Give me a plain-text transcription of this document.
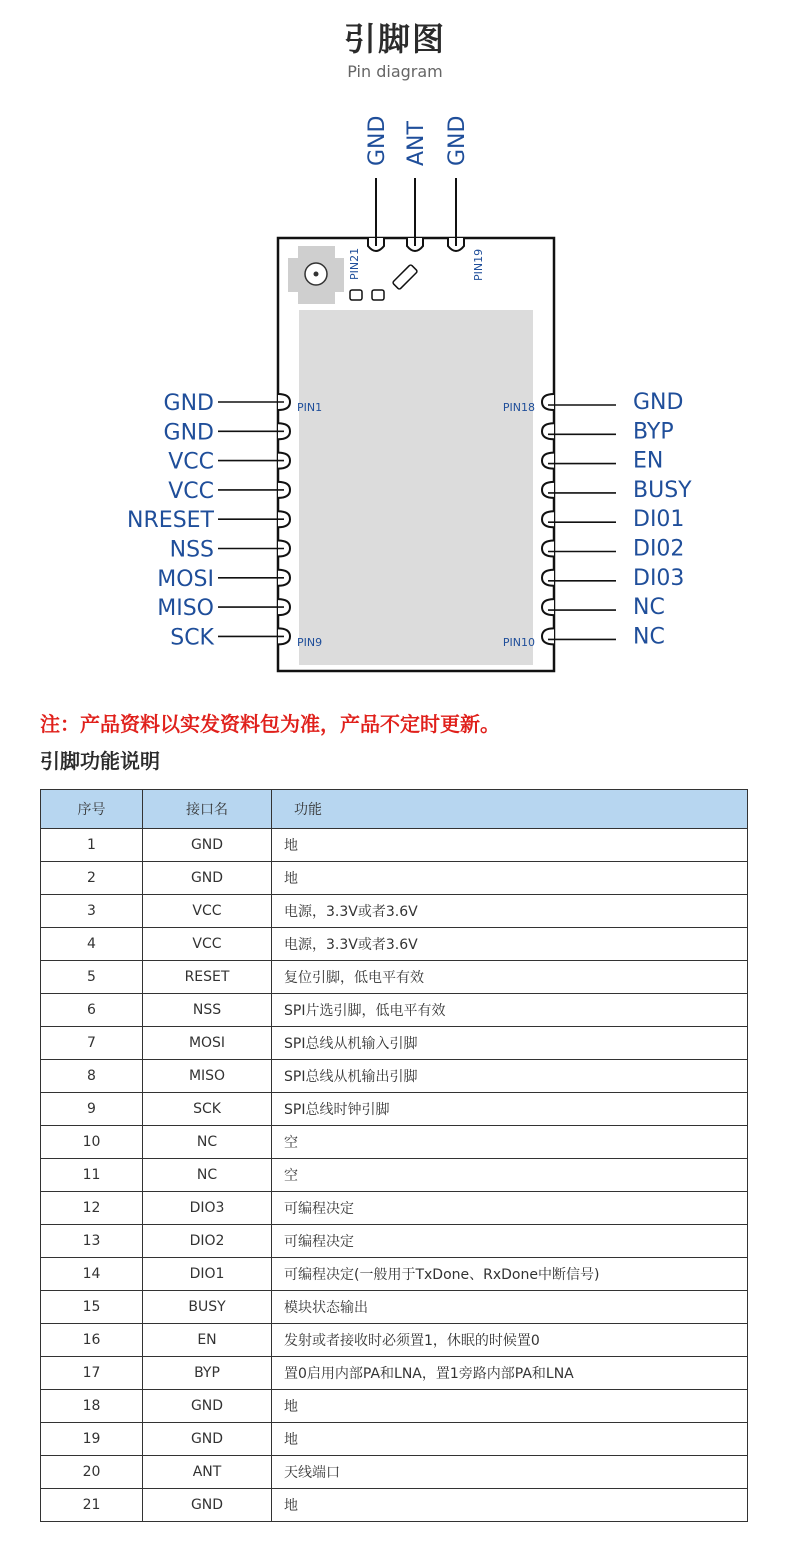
引脚图
Pin diagram
GND ANT GND
PIN21	PIN19
GND
GND
VCC
VCC
NRESET
NSS
MOSI
MISO
SCK
GND
BYP
EN
BUSY
DI01
DI02
DI03
NC
NC
PIN1
PIN9
PIN18
PIN10
注：产品资料以实发资料包为准，产品不定时更新。
引脚功能说明
序号	接口名	功能
1	GND	地
2	GND	地
3	VCC	电源，3.3V或者3.6V
4	VCC	电源，3.3V或者3.6V
5	RESET	复位引脚，低电平有效
6	NSS	SPI片选引脚，低电平有效
7	MOSI	SPI总线从机输入引脚
8	MISO	SPI总线从机输出引脚
9	SCK	SPI总线时钟引脚
10	NC	空
11	NC	空
12	DIO3	可编程决定
13	DIO2	可编程决定
14	DIO1	可编程决定(一般用于TxDone、RxDone中断信号)
15	BUSY	模块状态输出
16	EN	发射或者接收时必须置1，休眠的时候置0
17	BYP	置0启用内部PA和LNA，置1旁路内部PA和LNA
18	GND	地
19	GND	地
20	ANT	天线端口
21	GND	地
